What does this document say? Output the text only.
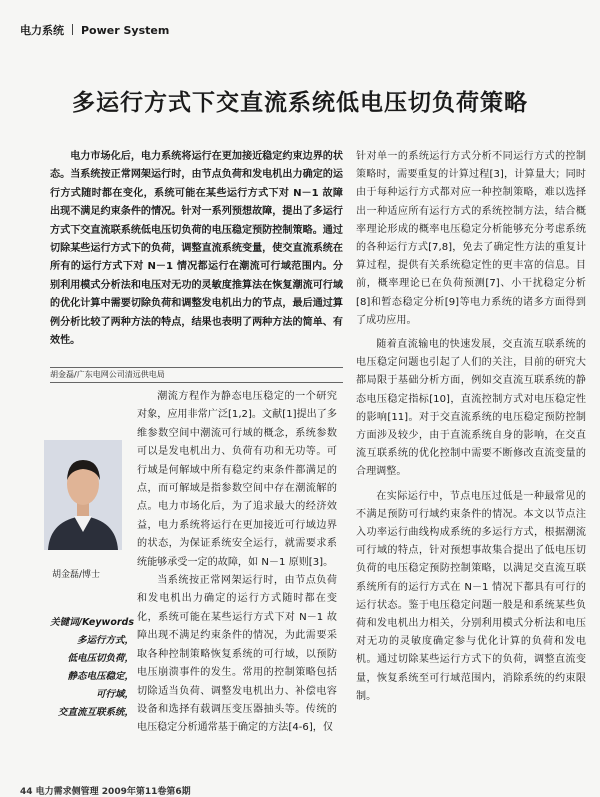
电力系统 Power System
多运行方式下交直流系统低电压切负荷策略
电力市场化后，电力系统将运行在更加接近稳定约束边界的状态。当系统按正常网架运行时，由节点负荷和发电机出力确定的运行方式随时都在变化，系统可能在某些运行方式下对 N－1 故障出现不满足约束条件的情况。针对一系列预想故障，提出了多运行方式下交直流联系统低电压切负荷的电压稳定预防控制策略。通过切除某些运行方式下的负荷，调整直流系统变量，使交直流系统在所有的运行方式下对 N－1 情况都运行在潮流可行域范围内。分别利用模式分析法和电压对无功的灵敏度推算法在恢复潮流可行域的优化计算中需要切除负荷和调整发电机出力的节点，最后通过算例分析比较了两种方法的特点，结果也表明了两种方法的简单、有效性。
胡金磊/广东电网公司清远供电局
胡金磊/博士
关键词/Keywords
多运行方式，
低电压切负荷，
静态电压稳定，
可行域，
交直流互联系统，

潮流方程作为静态电压稳定的一个研究对象，应用非常广泛[1,2]。文献[1]提出了多维参数空间中潮流可行域的概念，系统参数可以是发电机出力、负荷有功和无功等。可行域是何解域中所有稳定约束条件都满足的点，而可解域是指参数空间中存在潮流解的点。电力市场化后，为了追求最大的经济效益，电力系统将运行在更加接近可行域边界的状态，为保证系统安全运行，就需要求系统能够承受一定的故障，如 N－1 原则[3]。

当系统按正常网架运行时，由节点负荷和发电机出力确定的运行方式随时都在变化，系统可能在某些运行方式下对 N－1 故障出现不满足约束条件的情况，为此需要采取各种控制策略恢复系统的可行域，以预防电压崩溃事件的发生。常用的控制策略包括切除适当负荷、调整发电机出力、补偿电容设备和选择有载调压变压器抽头等。传统的电压稳定分析通常基于确定的方法[4-6]，仅

针对单一的系统运行方式分析不同运行方式的控制策略时，需要重复的计算过程[3]，计算量大；同时由于每种运行方式都对应一种控制策略，难以选择出一种适应所有运行方式的系统控制方法，结合概率理论形成的概率电压稳定分析能够充分考虑系统的各种运行方式[7,8]，免去了确定性方法的重复计算过程，提供有关系统稳定性的更丰富的信息。目前，概率理论已在负荷预测[7]、小干扰稳定分析[8]和暂态稳定分析[9]等电力系统的诸多方面得到了成功应用。

随着直流输电的快速发展，交直流互联系统的电压稳定问题也引起了人们的关注，目前的研究大都局限于基础分析方面，例如交直流互联系统的静态电压稳定指标[10]，直流控制方式对电压稳定性的影响[11]。对于交直流系统的电压稳定预防控制方面涉及较少，由于直流系统自身的影响，在交直流互联系统的优化控制中需要不断修改直流变量的合理调整。

在实际运行中，节点电压过低是一种最常见的不满足预防可行域约束条件的情况。本文以节点注入功率运行曲线构成系统的多运行方式，根据潮流可行域的特点，针对预想事故集合提出了低电压切负荷的电压稳定预防控制策略，以满足交直流互联系统所有的运行方式在 N－1 情况下都具有可行的运行状态。鉴于电压稳定问题一般是和系统某些负荷和发电机出力相关，分别利用模式分析法和电压对无功的灵敏度确定参与优化计算的负荷和发电机。通过切除某些运行方式下的负荷，调整直流变量，恢复系统至可行域范围内，消除系统的约束限制。

44 电力需求侧管理 2009年第11卷第6期
